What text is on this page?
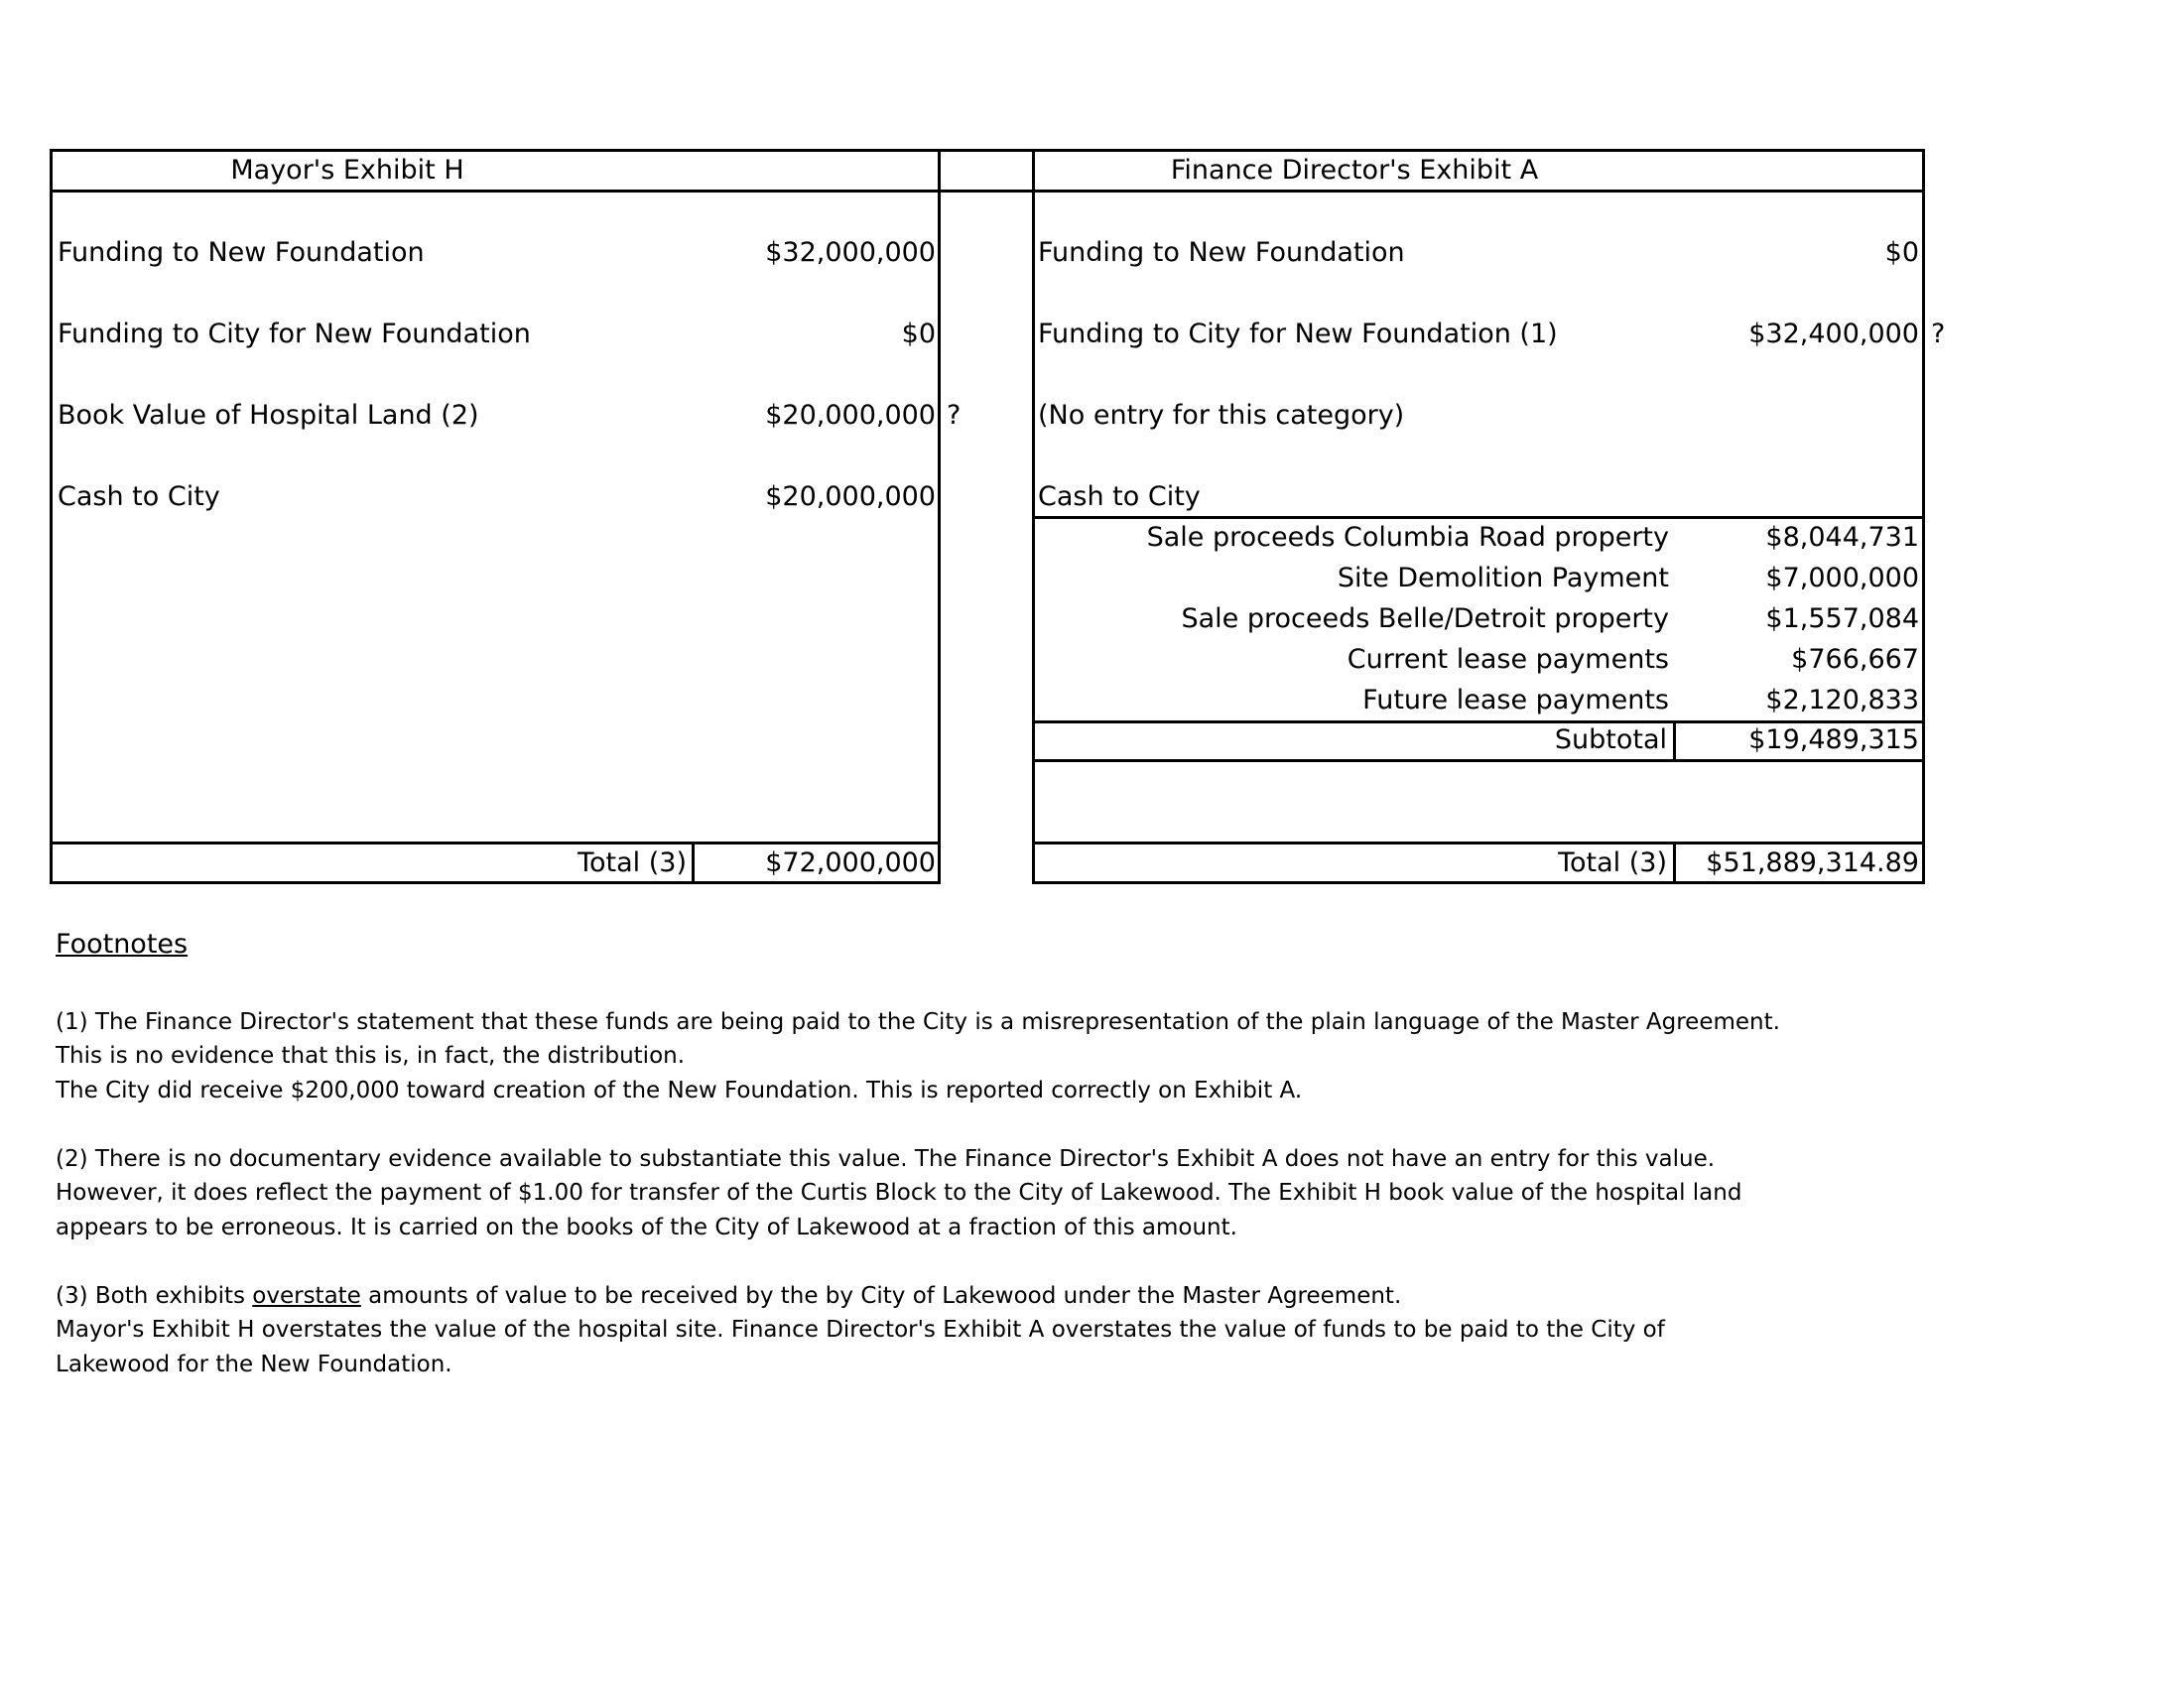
Mayor's Exhibit H
Funding to New Foundation	$32,000,000
Funding to City for New Foundation	$0
Book Value of Hospital Land (2)	$20,000,000 ?
Cash to City	$20,000,000
Total (3)	$72,000,000
Finance Director's Exhibit A
Funding to New Foundation	$0
Funding to City for New Foundation (1)	$32,400,000 ?
(No entry for this category)
Cash to City
Sale proceeds Columbia Road property	$8,044,731
Site Demolition Payment	$7,000,000
Sale proceeds Belle/Detroit property	$1,557,084
Current lease payments	$766,667
Future lease payments	$2,120,833
Subtotal	$19,489,315
Total (3)	$51,889,314.89
Footnotes
(1) The Finance Director's statement that these funds are being paid to the City is a misrepresentation of the plain language of the Master Agreement.
This is no evidence that this is, in fact, the distribution.
The City did receive $200,000 toward creation of the New Foundation. This is reported correctly on Exhibit A.
(2) There is no documentary evidence available to substantiate this value. The Finance Director's Exhibit A does not have an entry for this value.
However, it does reflect the payment of $1.00 for transfer of the Curtis Block to the City of Lakewood. The Exhibit H book value of the hospital land
appears to be erroneous. It is carried on the books of the City of Lakewood at a fraction of this amount.
(3) Both exhibits overstate amounts of value to be received by the by City of Lakewood under the Master Agreement.
Mayor's Exhibit H overstates the value of the hospital site. Finance Director's Exhibit A overstates the value of funds to be paid to the City of
Lakewood for the New Foundation.
